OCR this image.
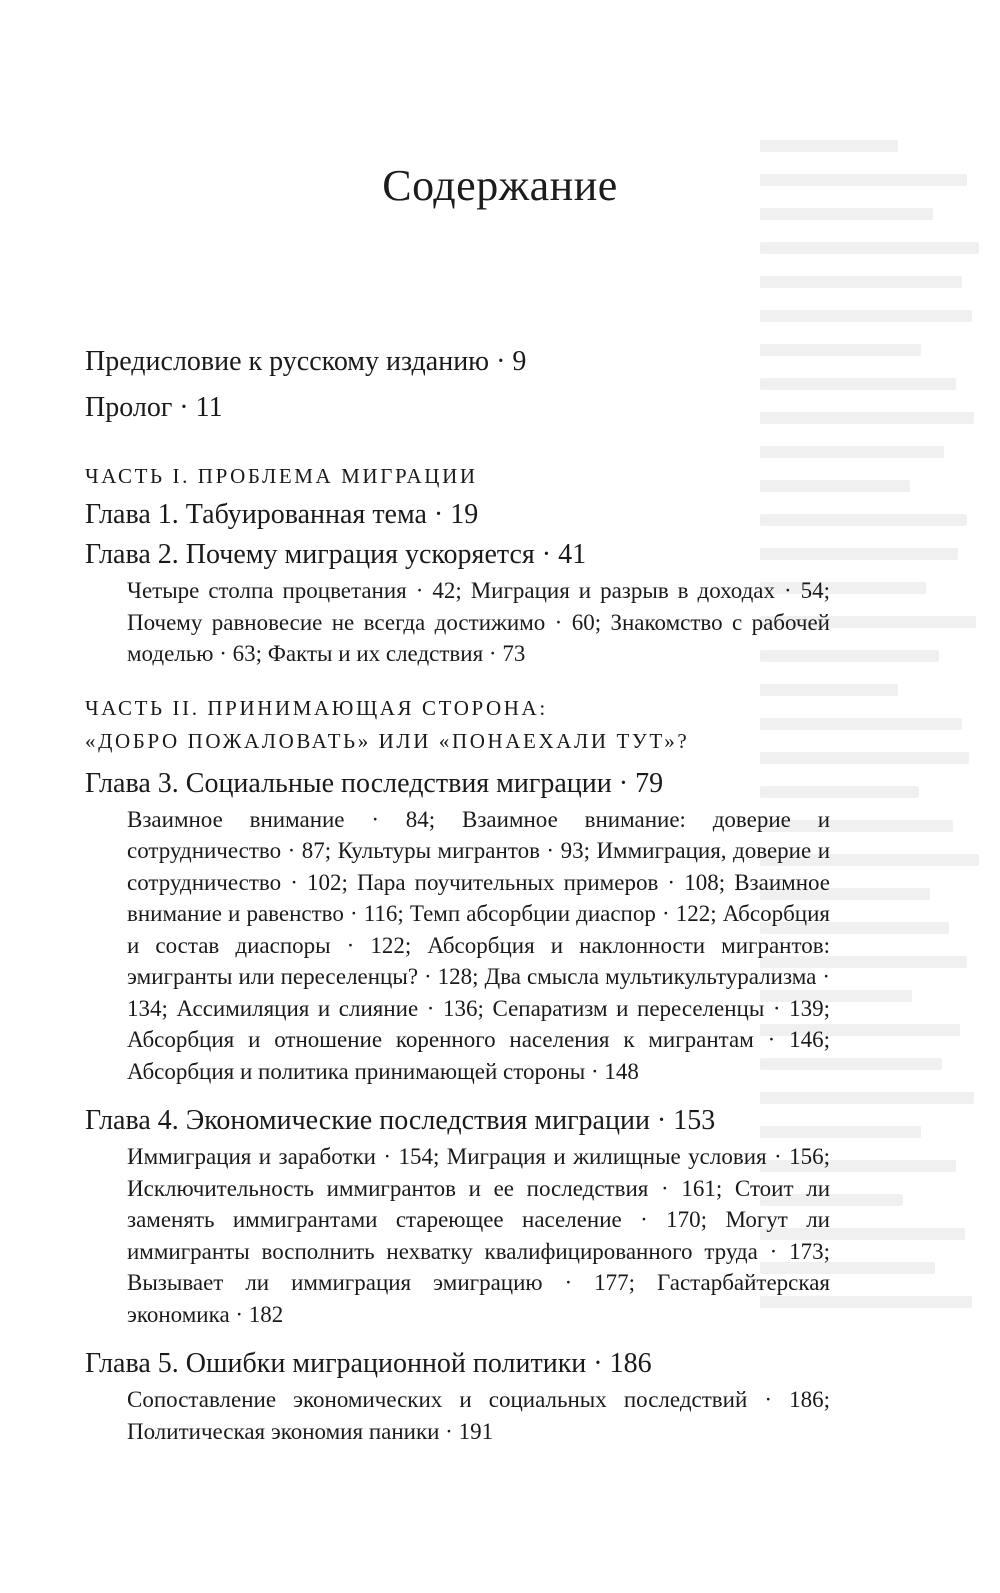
Содержание

Предисловие к русскому изданию · 9

Пролог · 11

ЧАСТЬ I. ПРОБЛЕМА МИГРАЦИИ

Глава 1. Табуированная тема · 19

Глава 2. Почему миграция ускоряется · 41

Четыре столпа процветания · 42; Миграция и разрыв в доходах · 54; Почему равновесие не всегда достижимо · 60; Знакомство с рабочей моделью · 63; Факты и их следствия · 73

ЧАСТЬ II. ПРИНИМАЮЩАЯ СТОРОНА:

«ДОБРО ПОЖАЛОВАТЬ» ИЛИ «ПОНАЕХАЛИ ТУТ»?

Глава 3. Социальные последствия миграции · 79

Взаимное внимание · 84; Взаимное внимание: доверие и сотрудничество · 87; Культуры мигрантов · 93; Иммиграция, доверие и сотрудничество · 102; Пара поучительных примеров · 108; Взаимное внимание и равенство · 116; Темп абсорбции диаспор · 122; Абсорбция и состав диаспоры · 122; Абсорбция и наклонности мигрантов: эмигранты или переселенцы? · 128; Два смысла мультикультурализма · 134; Ассимиляция и слияние · 136; Сепаратизм и переселенцы · 139; Абсорбция и отношение коренного населения к мигрантам · 146; Абсорбция и политика принимающей стороны · 148

Глава 4. Экономические последствия миграции · 153

Иммиграция и заработки · 154; Миграция и жилищные условия · 156; Исключительность иммигрантов и ее последствия · 161; Стоит ли заменять иммигрантами стареющее население · 170; Могут ли иммигранты восполнить нехватку квалифицированного труда · 173; Вызывает ли иммиграция эмиграцию · 177; Гастарбайтерская экономика · 182

Глава 5. Ошибки миграционной политики · 186

Сопоставление экономических и социальных последствий · 186; Политическая экономия паники · 191
